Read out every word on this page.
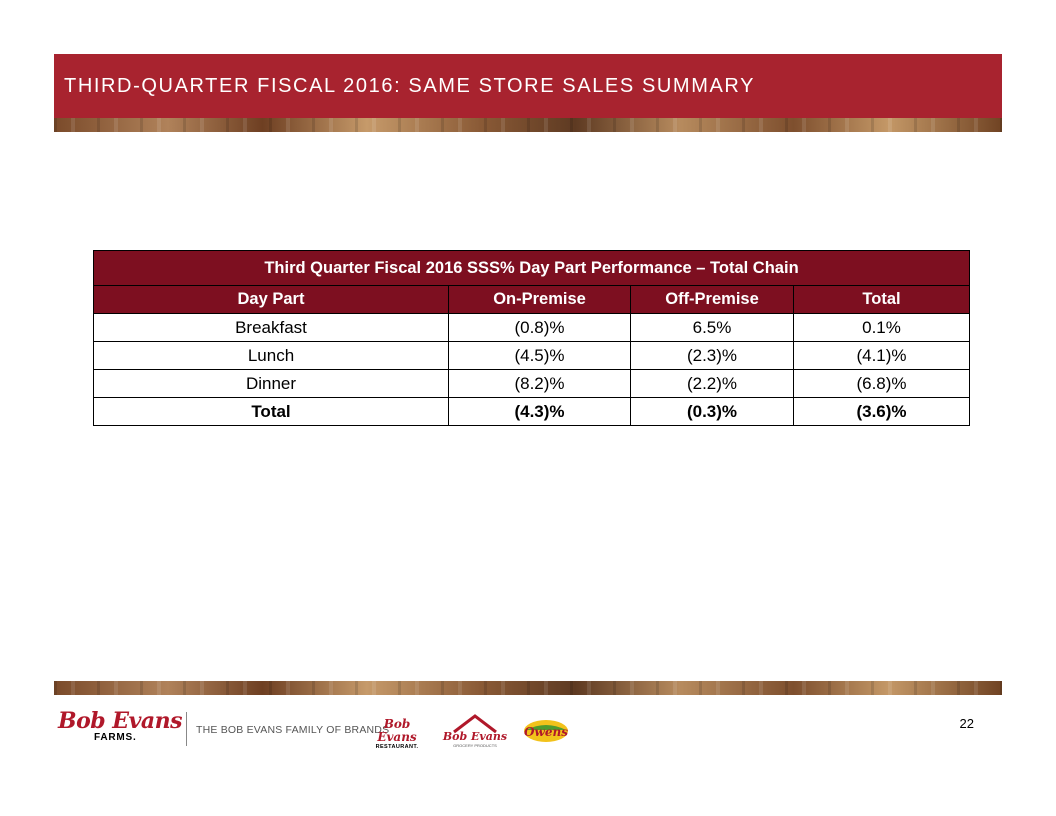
THIRD-QUARTER FISCAL 2016: SAME STORE SALES SUMMARY
Third Quarter Fiscal 2016 SSS% Day Part Performance – Total Chain			
Day Part	On-Premise	Off-Premise	Total
Breakfast	(0.8)%	6.5%	0.1%
Lunch	(4.5)%	(2.3)%	(4.1)%
Dinner	(8.2)%	(2.2)%	(6.8)%
Total	(4.3)%	(0.3)%	(3.6)%
Bob Evans
FARMS.
THE BOB EVANS FAMILY OF BRANDS
Bob Evans
RESTAURANT.
Bob Evans
GROCERY PRODUCTS
Owens
22
